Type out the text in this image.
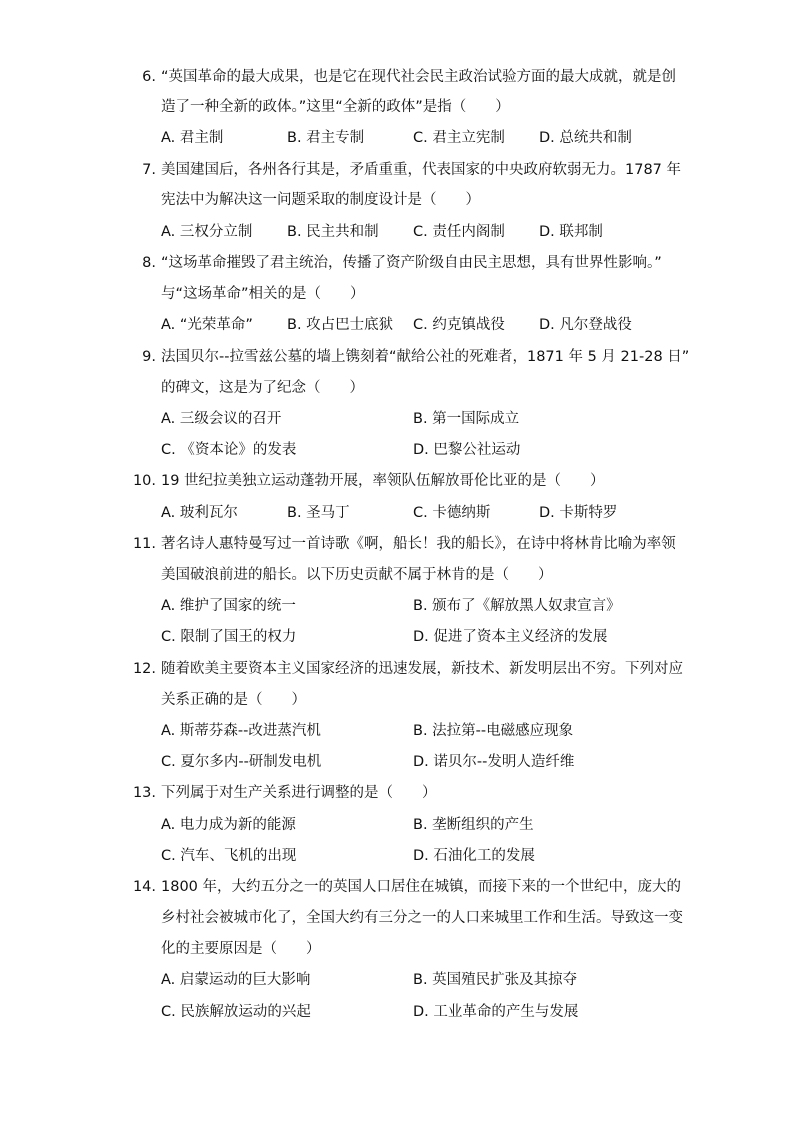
6. “英国革命的最大成果，也是它在现代社会民主政治试验方面的最大成就，就是创
造了一种全新的政体。”这里“全新的政体”是指（　　）
A. 君主制	B. 君主专制	C. 君主立宪制 D. 总统共和制
7. 美国建国后，各州各行其是，矛盾重重，代表国家的中央政府软弱无力。1787 年
宪法中为解决这一问题采取的制度设计是（　　）
A. 三权分立制 B. 民主共和制 C. 责任内阁制 D. 联邦制
8. “这场革命摧毁了君主统治，传播了资产阶级自由民主思想，具有世界性影响。”
与“这场革命”相关的是（　　）
A. “光荣革命” B. 攻占巴士底狱 C. 约克镇战役 D. 凡尔登战役
9. 法国贝尔--拉雪兹公墓的墙上镌刻着“献给公社的死难者，1871 年 5 月 21-28 日”
的碑文，这是为了纪念（　　）
A. 三级会议的召开	B. 第一国际成立
C. 《资本论》的发表	D. 巴黎公社运动
10. 19 世纪拉美独立运动蓬勃开展，率领队伍解放哥伦比亚的是（　　）
A. 玻利瓦尔	B. 圣马丁	C. 卡德纳斯	D. 卡斯特罗
11. 著名诗人惠特曼写过一首诗歌《啊，船长！我的船长》，在诗中将林肯比喻为率领
美国破浪前进的船长。以下历史贡献不属于林肯的是（　　）
A. 维护了国家的统一	B. 颁布了《解放黑人奴隶宣言》
C. 限制了国王的权力	D. 促进了资本主义经济的发展
12. 随着欧美主要资本主义国家经济的迅速发展，新技术、新发明层出不穷。下列对应
关系正确的是（　　）
A. 斯蒂芬森--改进蒸汽机	B. 法拉第--电磁感应现象
C. 夏尔多内--研制发电机	D. 诺贝尔--发明人造纤维
13. 下列属于对生产关系进行调整的是（　　）
A. 电力成为新的能源	B. 垄断组织的产生
C. 汽车、飞机的出现	D. 石油化工的发展
14. 1800 年，大约五分之一的英国人口居住在城镇，而接下来的一个世纪中，庞大的
乡村社会被城市化了，全国大约有三分之一的人口来城里工作和生活。导致这一变
化的主要原因是（　　）
A. 启蒙运动的巨大影响	B. 英国殖民扩张及其掠夺
C. 民族解放运动的兴起	D. 工业革命的产生与发展
